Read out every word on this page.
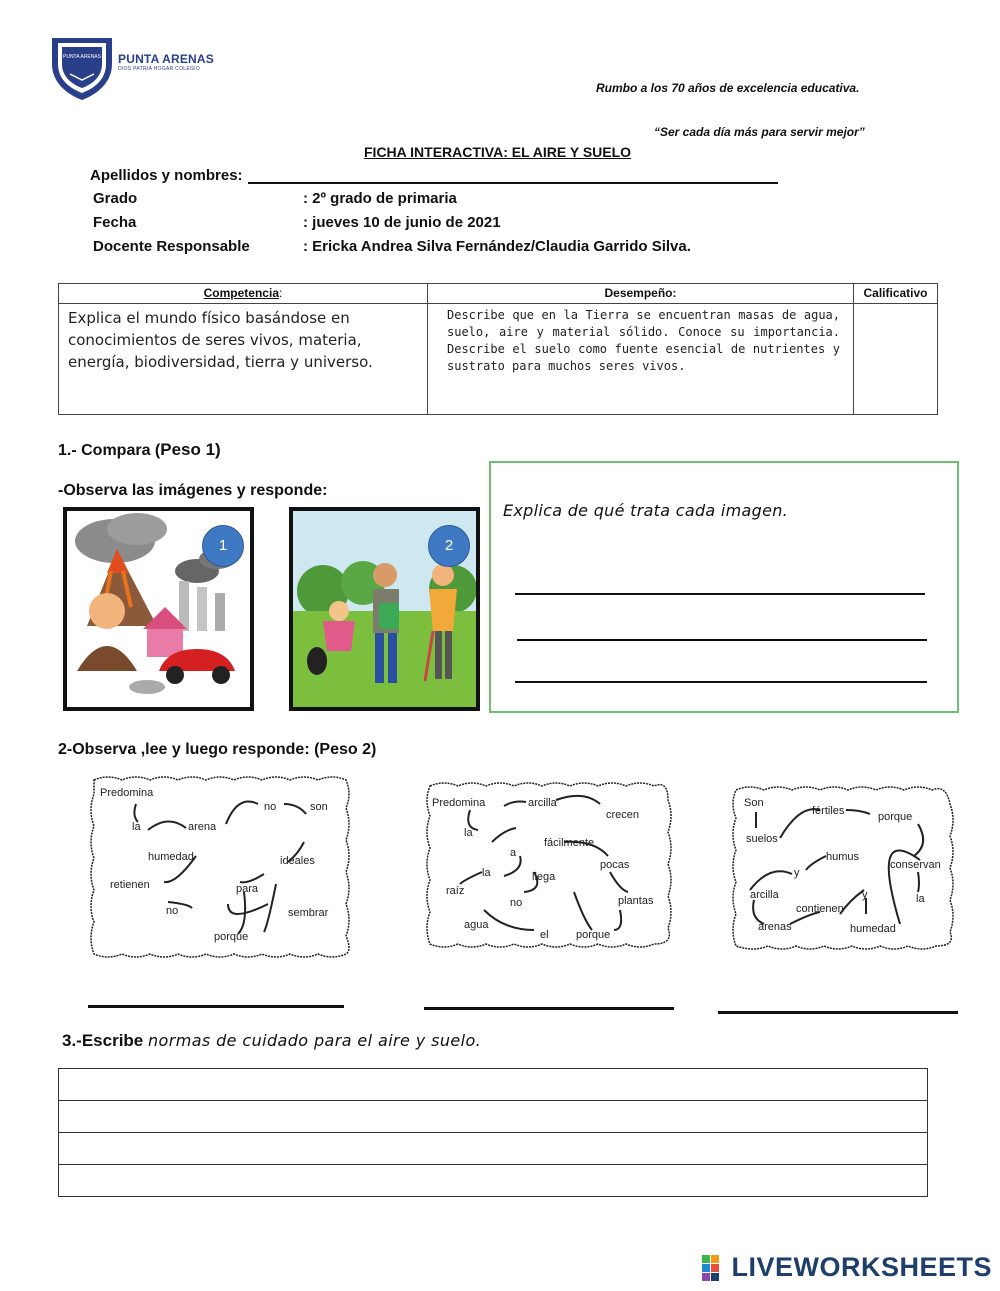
PUNTA ARENAS PUNTA ARENAS
DIOS PATRIA HOGAR COLEGIO
Rumbo a los 70 años de excelencia educativa.
“Ser cada día más para servir mejor”
FICHA INTERACTIVA: EL AIRE Y SUELO
Apellidos y nombres:
Grado	: 2º grado de primaria
Fecha	: jueves 10 de junio de 2021
Docente Responsable	: Ericka Andrea Silva Fernández/Claudia Garrido Silva.
Competencia:	Desempeño:	Calificativo

Explica el mundo físico basándose en conocimientos de seres vivos, materia, energía, biodiversidad, tierra y universo.	Describe que en la Tierra se encuentran masas de agua, suelo, aire y material sólido. Conoce su importancia. Describe el suelo como fuente esencial de nutrientes y sustrato para muchos seres vivos.	

1.- Compara (Peso 1)
-Observa las imágenes y responde:
1	2
Explica de qué trata cada imagen.
2-Observa ,lee y luego responde: (Peso 2)
Predomina
la	arena
no	son
humedad	ideales
retienen	para
no	sembrar
porque
Predomina	arcilla
crecen
la
a
fácilmente
la	llega
pocas
raíz
no	plantas
agua
el porque
Son
fértiles	porque
suelos
humus
y
conservan
la
arcilla
contienen
y
arenas	humedad
3.-Escribe normas de cuidado para el aire y suelo.

LIVEWORKSHEETS
